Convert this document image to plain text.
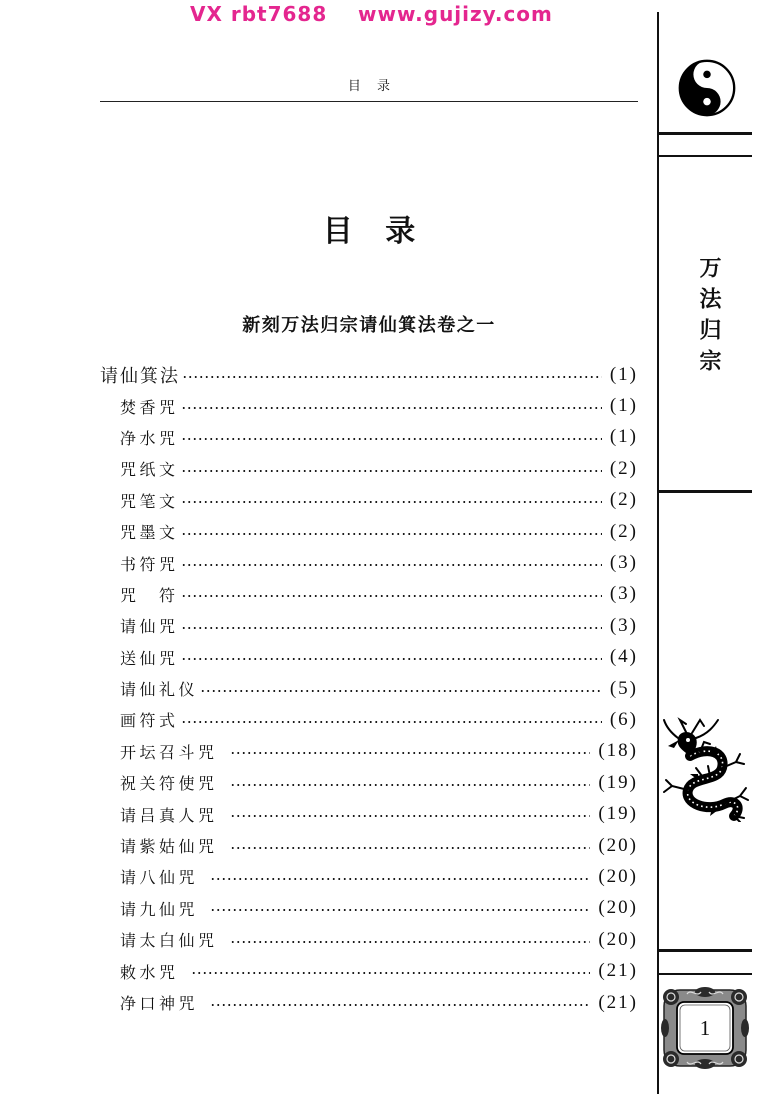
VX rbt7688 www.gujizy.com
目 录
万法归宗
1
目 录
新刻万法归宗请仙箕法卷之一
请仙箕法	(1)
焚香咒	(1)
净水咒	(1)
咒纸文	(2)
咒笔文	(2)
咒墨文	(2)
书符咒	(3)
咒　符	(3)
请仙咒	(3)
送仙咒	(4)
请仙礼仪	(5)
画符式	(6)
开坛召斗咒	(18)
祝关符使咒	(19)
请吕真人咒	(19)
请紫姑仙咒	(20)
请八仙咒	(20)
请九仙咒	(20)
请太白仙咒	(20)
敕水咒	(21)
净口神咒	(21)
